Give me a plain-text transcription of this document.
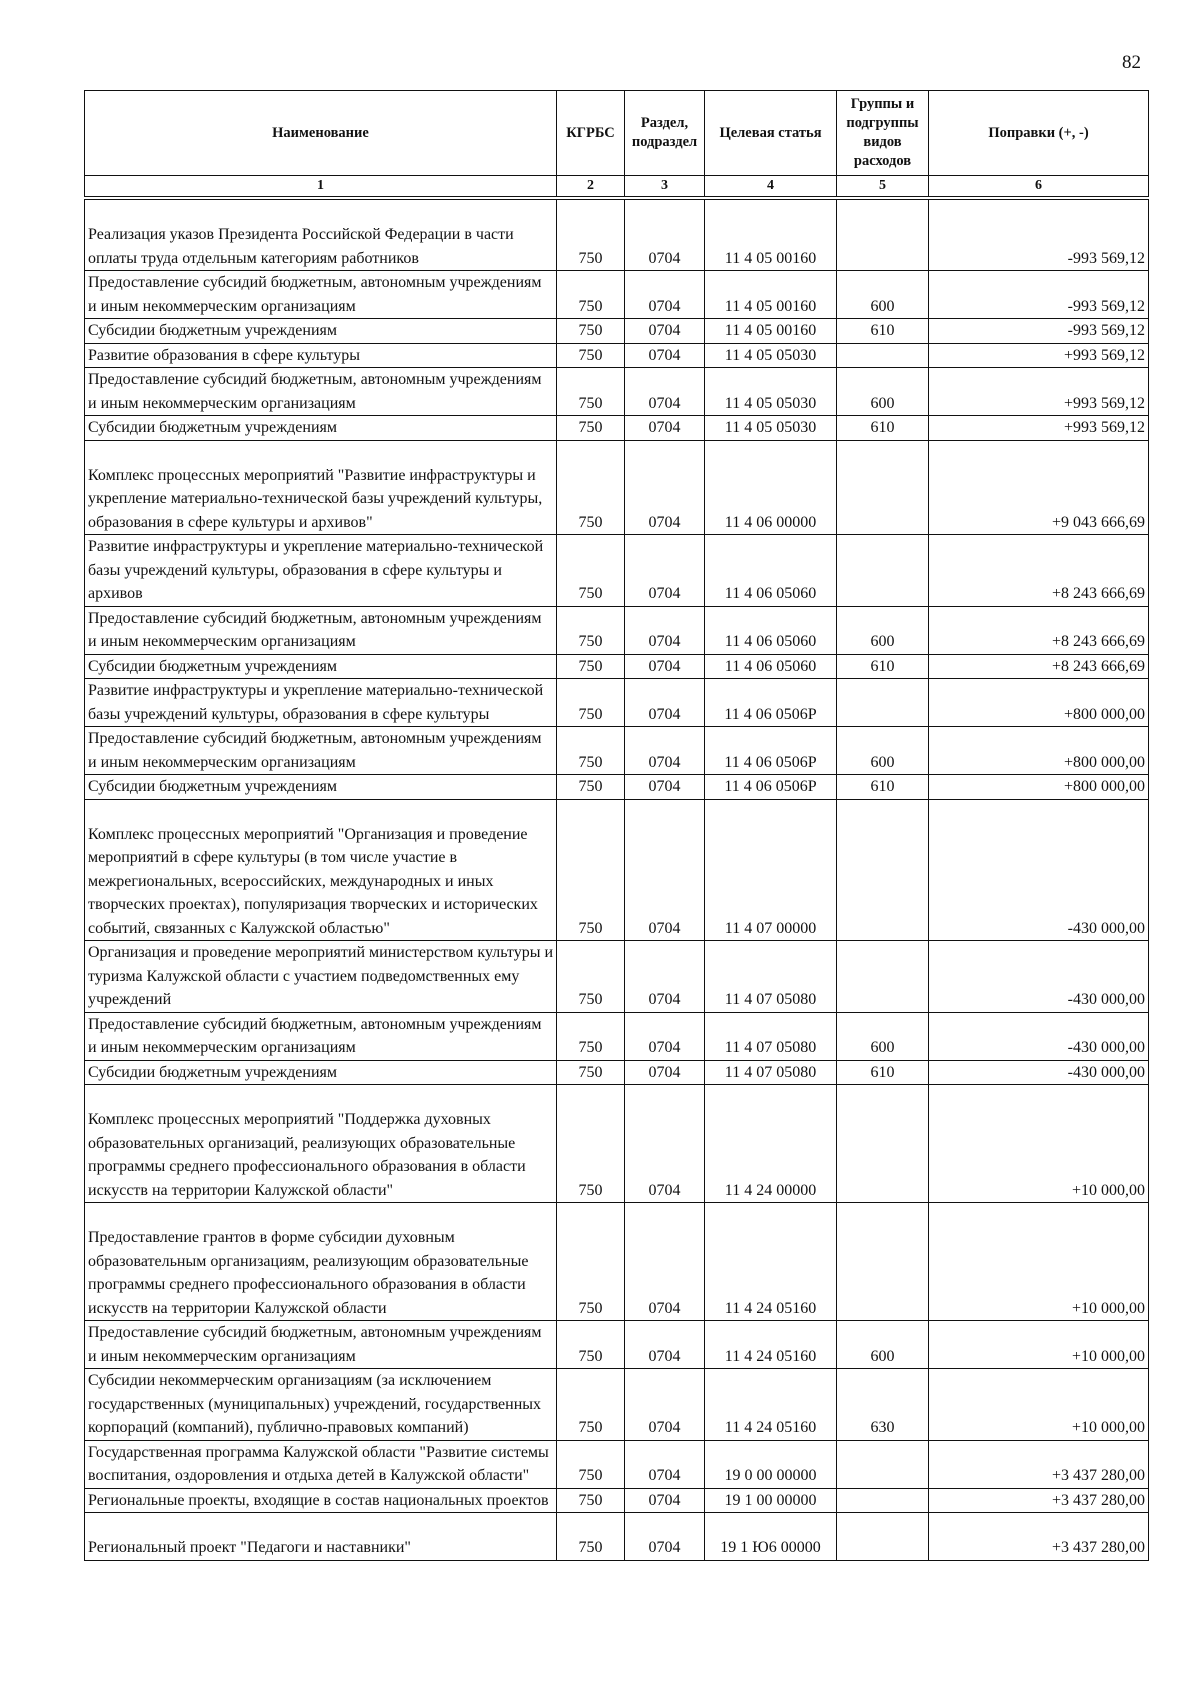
82
Наименование	КГРБС	Раздел, подраздел	Целевая статья	Группы и подгруппы видов расходов	Поправки (+, -)
1	2	3	4	5	6
Реализация указов Президента Российской Федерации в части оплаты труда отдельным категориям работников	750	0704	11 4 05 00160		-993 569,12
Предоставление субсидий бюджетным, автономным учреждениям и иным некоммерческим организациям	750	0704	11 4 05 00160	600	-993 569,12
Субсидии бюджетным учреждениям	750	0704	11 4 05 00160	610	-993 569,12
Развитие образования в сфере культуры	750	0704	11 4 05 05030		+993 569,12
Предоставление субсидий бюджетным, автономным учреждениям и иным некоммерческим организациям	750	0704	11 4 05 05030	600	+993 569,12
Субсидии бюджетным учреждениям	750	0704	11 4 05 05030	610	+993 569,12
Комплекс процессных мероприятий "Развитие инфраструктуры и укрепление материально-технической базы учреждений культуры, образования в сфере культуры и архивов"	750	0704	11 4 06 00000		+9 043 666,69
Развитие инфраструктуры и укрепление материально-технической базы учреждений культуры, образования в сфере культуры и архивов	750	0704	11 4 06 05060		+8 243 666,69
Предоставление субсидий бюджетным, автономным учреждениям и иным некоммерческим организациям	750	0704	11 4 06 05060	600	+8 243 666,69
Субсидии бюджетным учреждениям	750	0704	11 4 06 05060	610	+8 243 666,69
Развитие инфраструктуры и укрепление материально-технической базы учреждений культуры, образования в сфере культуры	750	0704	11 4 06 0506P		+800 000,00
Предоставление субсидий бюджетным, автономным учреждениям и иным некоммерческим организациям	750	0704	11 4 06 0506P	600	+800 000,00
Субсидии бюджетным учреждениям	750	0704	11 4 06 0506P	610	+800 000,00
Комплекс процессных мероприятий "Организация и проведение мероприятий в сфере культуры (в том числе участие в межрегиональных, всероссийских, международных и иных творческих проектах), популяризация творческих и исторических событий, связанных с Калужской областью"	750	0704	11 4 07 00000		-430 000,00
Организация и проведение мероприятий министерством культуры и туризма Калужской области с участием подведомственных ему учреждений	750	0704	11 4 07 05080		-430 000,00
Предоставление субсидий бюджетным, автономным учреждениям и иным некоммерческим организациям	750	0704	11 4 07 05080	600	-430 000,00
Субсидии бюджетным учреждениям	750	0704	11 4 07 05080	610	-430 000,00
Комплекс процессных мероприятий "Поддержка духовных образовательных организаций, реализующих образовательные программы среднего профессионального образования в области искусств на территории Калужской области"	750	0704	11 4 24 00000		+10 000,00
Предоставление грантов в форме субсидии духовным образовательным организациям, реализующим образовательные программы среднего профессионального образования в области искусств на территории Калужской области	750	0704	11 4 24 05160		+10 000,00
Предоставление субсидий бюджетным, автономным учреждениям и иным некоммерческим организациям	750	0704	11 4 24 05160	600	+10 000,00
Субсидии некоммерческим организациям (за исключением государственных (муниципальных) учреждений, государственных корпораций (компаний), публично-правовых компаний)	750	0704	11 4 24 05160	630	+10 000,00
Государственная программа Калужской области "Развитие системы воспитания, оздоровления и отдыха детей в Калужской области"	750	0704	19 0 00 00000		+3 437 280,00
Региональные проекты, входящие в состав национальных проектов	750	0704	19 1 00 00000		+3 437 280,00
Региональный проект "Педагоги и наставники"	750	0704	19 1 Ю6 00000		+3 437 280,00
